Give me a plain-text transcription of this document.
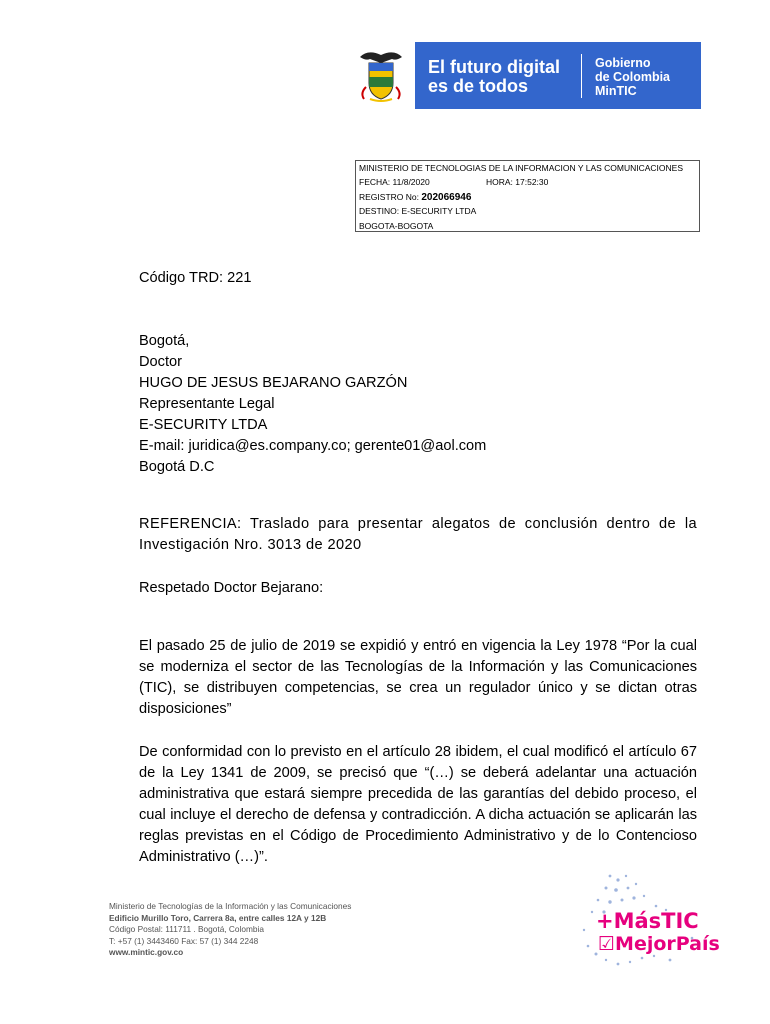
El futuro digital
es de todos
Gobierno
de Colombia
MinTIC
MINISTERIO DE TECNOLOGIAS DE LA INFORMACION Y LAS COMUNICACIONES
FECHA: 11/8/2020	HORA: 17:52:30
REGISTRO No: 202066946
DESTINO: E-SECURITY LTDA
BOGOTA-BOGOTA
Código TRD: 221
Bogotá,
Doctor
HUGO DE JESUS BEJARANO GARZÓN
Representante Legal
E-SECURITY LTDA
E-mail: juridica@es.company.co; gerente01@aol.com
Bogotá D.C
REFERENCIA: Traslado para presentar alegatos de conclusión dentro de la Investigación Nro. 3013 de 2020
Respetado Doctor Bejarano:
El pasado 25 de julio de 2019 se expidió y entró en vigencia la Ley 1978 “Por la cual se moderniza el sector de las Tecnologías de la Información y las Comunicaciones (TIC), se distribuyen competencias, se crea un regulador único y se dictan otras disposiciones”
De conformidad con lo previsto en el artículo 28 ibidem, el cual modificó el artículo 67 de la Ley 1341 de 2009, se precisó que “(…) se deberá adelantar una actuación administrativa que estará siempre precedida de las garantías del debido proceso, el cual incluye el derecho de defensa y contradicción. A dicha actuación se aplicarán las reglas previstas en el Código de Procedimiento Administrativo y de lo Contencioso Administrativo (…)”.
Ministerio de Tecnologías de la Información y las Comunicaciones
Edificio Murillo Toro, Carrera 8a, entre calles 12A y 12B
Código Postal: 111711 . Bogotá, Colombia
T: +57 (1) 3443460 Fax: 57 (1) 344 2248
www.mintic.gov.co
+MásTIC
☑MejorPaís
